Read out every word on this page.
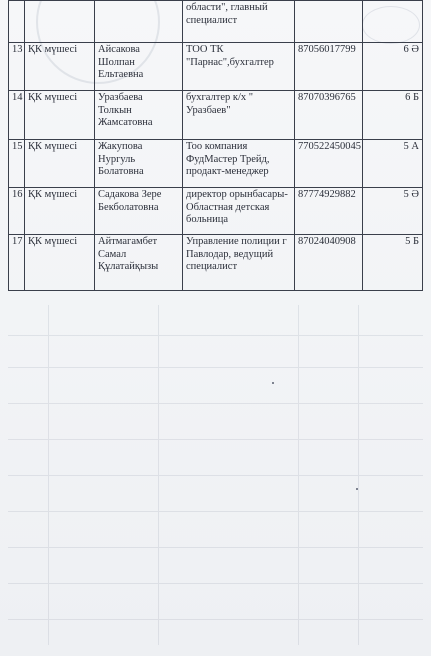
			области", главный специалист		
13	ҚК мүшесі	Айсакова Шолпан Ельтаевна	ТОО ТК "Парнас",бухгалтер	87056017799	6 Ә
14	ҚК мүшесі	Уразбаева Толкын Жамсатовна	бухгалтер к/х " Уразбаев"	87070396765	6 Б
15	ҚК мүшесі	Жакупова Нургуль Болатовна	Тоо компания ФудМастер Трейд, продакт-менеджер	770522450045	5 А
16	ҚК мүшесі	Садакова Зере Бекболатовна	директор орынбасары-Областная детская больница	87774929882	5 Ә
17	ҚК мүшесі	Айтмагамбет Самал Құлатайқызы	Управление полиции г Павлодар, ведущий специалист	87024040908	5 Б
